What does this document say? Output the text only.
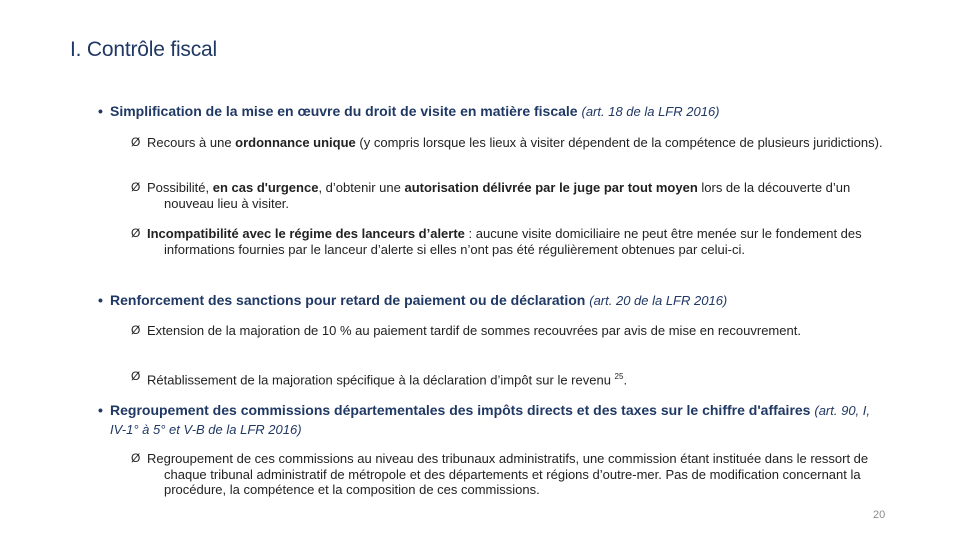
I. Contrôle fiscal
• Simplification de la mise en œuvre du droit de visite en matière fiscale (art. 18 de la LFR 2016)
Ø Recours à une ordonnance unique (y compris lorsque les lieux à visiter dépendent de la compétence de plusieurs juridictions).
Ø Possibilité, en cas d'urgence, d’obtenir une autorisation délivrée par le juge par tout moyen lors de la découverte d’un nouveau lieu à visiter.
Ø Incompatibilité avec le régime des lanceurs d’alerte : aucune visite domiciliaire ne peut être menée sur le fondement des informations fournies par le lanceur d’alerte si elles n’ont pas été régulièrement obtenues par celui-ci.
• Renforcement des sanctions pour retard de paiement ou de déclaration (art. 20 de la LFR 2016)
Ø Extension de la majoration de 10 % au paiement tardif de sommes recouvrées par avis de mise en recouvrement.
Ø Rétablissement de la majoration spécifique à la déclaration d’impôt sur le revenu $^{25}$.
• Regroupement des commissions départementales des impôts directs et des taxes sur le chiffre d'affaires (art. 90, I, IV-1° à 5° et V-B de la LFR 2016)
Ø Regroupement de ces commissions au niveau des tribunaux administratifs, une commission étant instituée dans le ressort de chaque tribunal administratif de métropole et des départements et régions d’outre-mer. Pas de modification concernant la procédure, la compétence et la composition de ces commissions.
20
